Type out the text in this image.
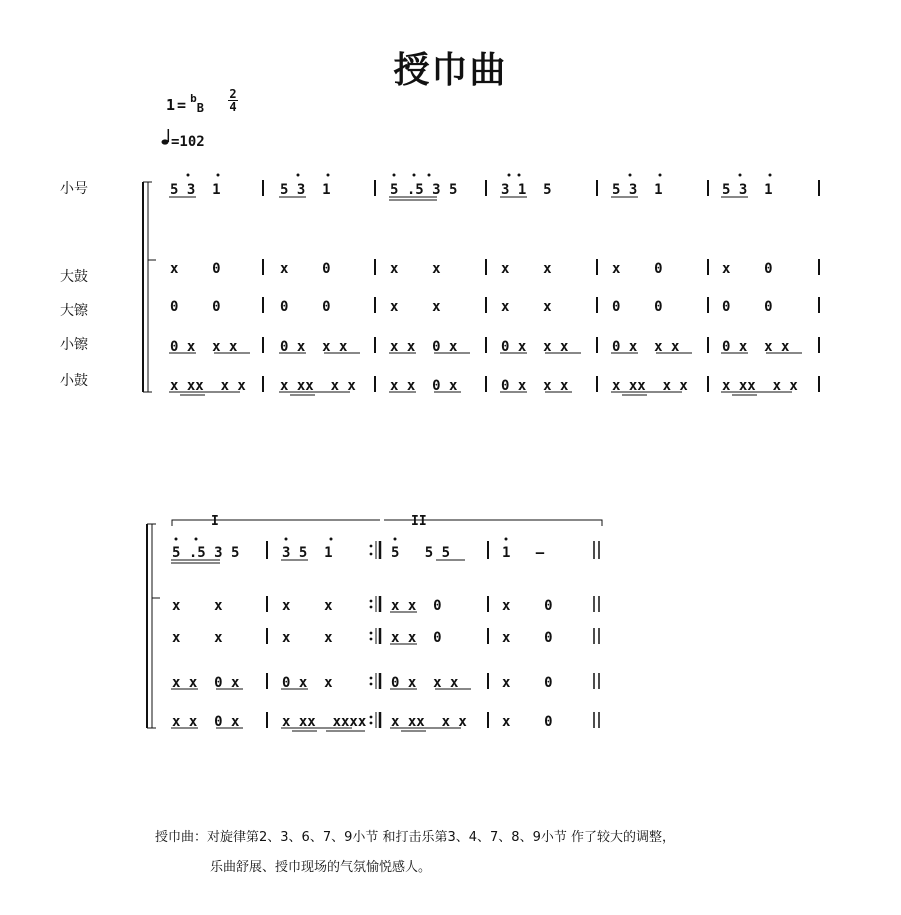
授巾曲
1 = $^b$B
2
4
=102
小号
大鼓
大镲
小镲
小鼓
5 3  1
x    0
0    0
0 x  x x
x xx  x x
5 3  1
x    0
0    0
0 x  x x
x xx  x x
5 .5 3 5
x    x
x    x
x x  0 x
x x  0 x
3 1  5
x    x
x    x
0 x  x x
0 x  x x
5 3  1
x    0
0    0
0 x  x x
x xx  x x
5 3  1
x    0
0    0
0 x  x x
x xx  x x
I	II
5 .5 3 5
x    x
x    x
x x  0 x
x x  0 x
3 5  1
x    x
x    x
0 x  x
x xx  xxxx
5   5 5
x x  0
x x  0
0 x  x x
x xx  x x
1   —
x    0
x    0
x    0
x    0
授巾曲：对旋律第2、3、6、7、9小节 和打击乐第3、4、7、8、9小节 作了较大的调整，
乐曲舒展、授巾现场的气氛愉悦感人。
